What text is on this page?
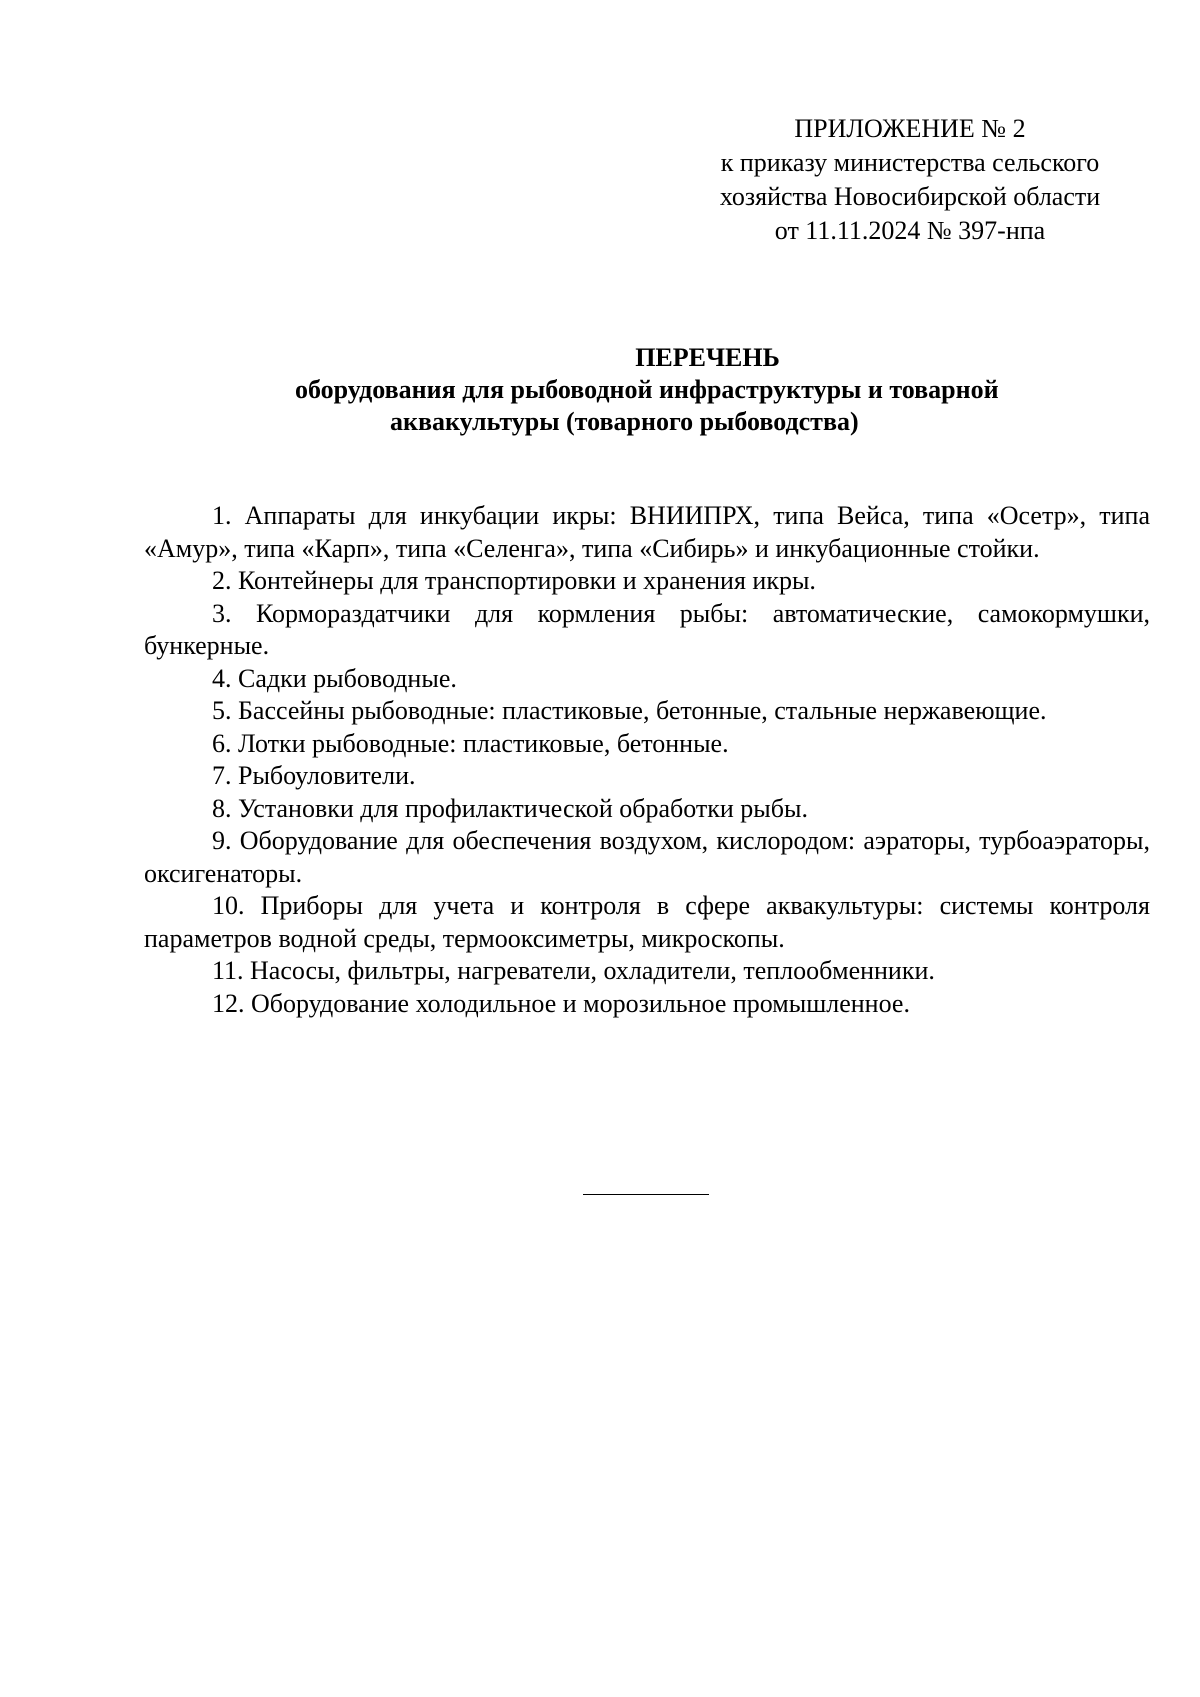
ПРИЛОЖЕНИЕ № 2
к приказу министерства сельского
хозяйства Новосибирской области
от 11.11.2024 № 397-нпа
ПЕРЕЧЕНЬ
оборудования для рыбоводной инфраструктуры и товарной
аквакультуры (товарного рыбоводства)

1. Аппараты для инкубации икры: ВНИИПРХ, типа Вейса, типа «Осетр», типа «Амур», типа «Карп», типа «Селенга», типа «Сибирь» и инкубационные стойки.

2. Контейнеры для транспортировки и хранения икры.

3. Кормораздатчики для кормления рыбы: автоматические, самокормушки, бункерные.

4. Садки рыбоводные.

5. Бассейны рыбоводные: пластиковые, бетонные, стальные нержавеющие.

6. Лотки рыбоводные: пластиковые, бетонные.

7. Рыбоуловители.

8. Установки для профилактической обработки рыбы.

9. Оборудование для обеспечения воздухом, кислородом: аэраторы, турбоаэраторы, оксигенаторы.

10. Приборы для учета и контроля в сфере аквакультуры: системы контроля параметров водной среды, термооксиметры, микроскопы.

11. Насосы, фильтры, нагреватели, охладители, теплообменники.

12. Оборудование холодильное и морозильное промышленное.
